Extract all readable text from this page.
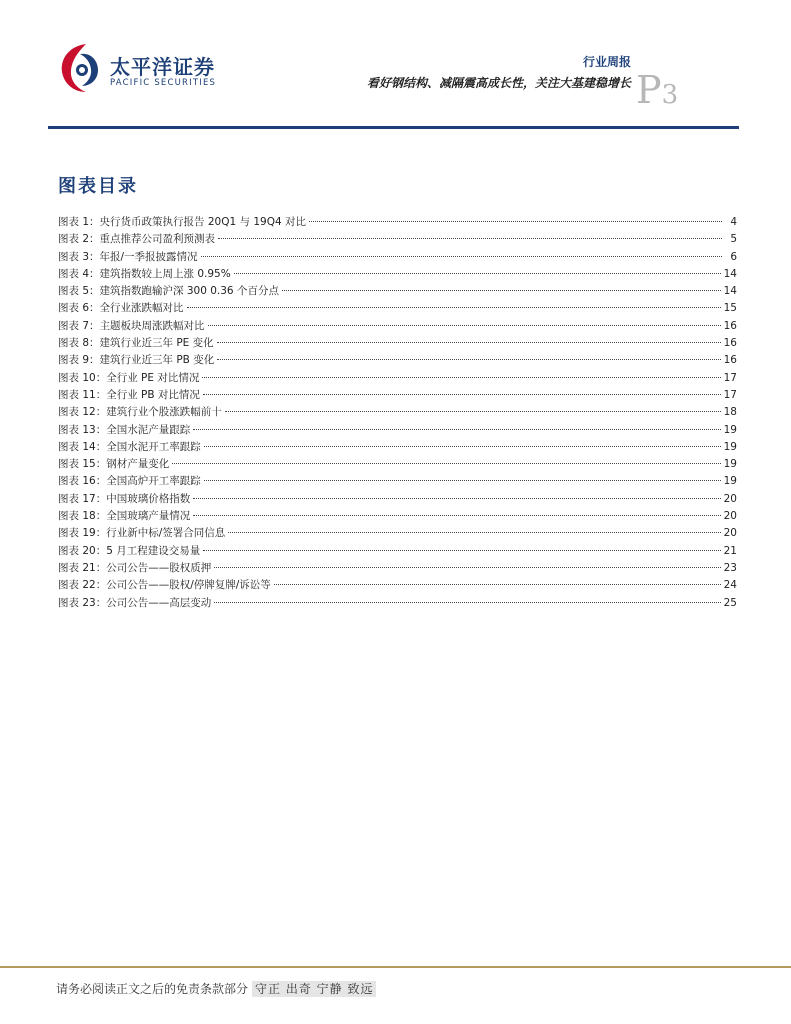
太平洋证券
PACIFIC SECURITIES
行业周报
看好钢结构、减隔震高成长性，关注大基建稳增长 P3
图表目录
图表 1：央行货币政策执行报告 20Q1 与 19Q4 对比	4
图表 2：重点推荐公司盈利预测表	5
图表 3：年报/一季报披露情况	6
图表 4：建筑指数较上周上涨 0.95%	14
图表 5：建筑指数跑输沪深 300 0.36 个百分点	14
图表 6：全行业涨跌幅对比	15
图表 7：主题板块周涨跌幅对比	16
图表 8：建筑行业近三年 PE 变化	16
图表 9：建筑行业近三年 PB 变化	16
图表 10：全行业 PE 对比情况	17
图表 11：全行业 PB 对比情况	17
图表 12：建筑行业个股涨跌幅前十	18
图表 13：全国水泥产量跟踪	19
图表 14：全国水泥开工率跟踪	19
图表 15：钢材产量变化	19
图表 16：全国高炉开工率跟踪	19
图表 17：中国玻璃价格指数	20
图表 18：全国玻璃产量情况	20
图表 19：行业新中标/签署合同信息	20
图表 20：5 月工程建设交易量	21
图表 21：公司公告——股权质押	23
图表 22：公司公告——股权/停牌复牌/诉讼等	24
图表 23：公司公告——高层变动	25
请务必阅读正文之后的免责条款部分 守正 出奇 宁静 致远
